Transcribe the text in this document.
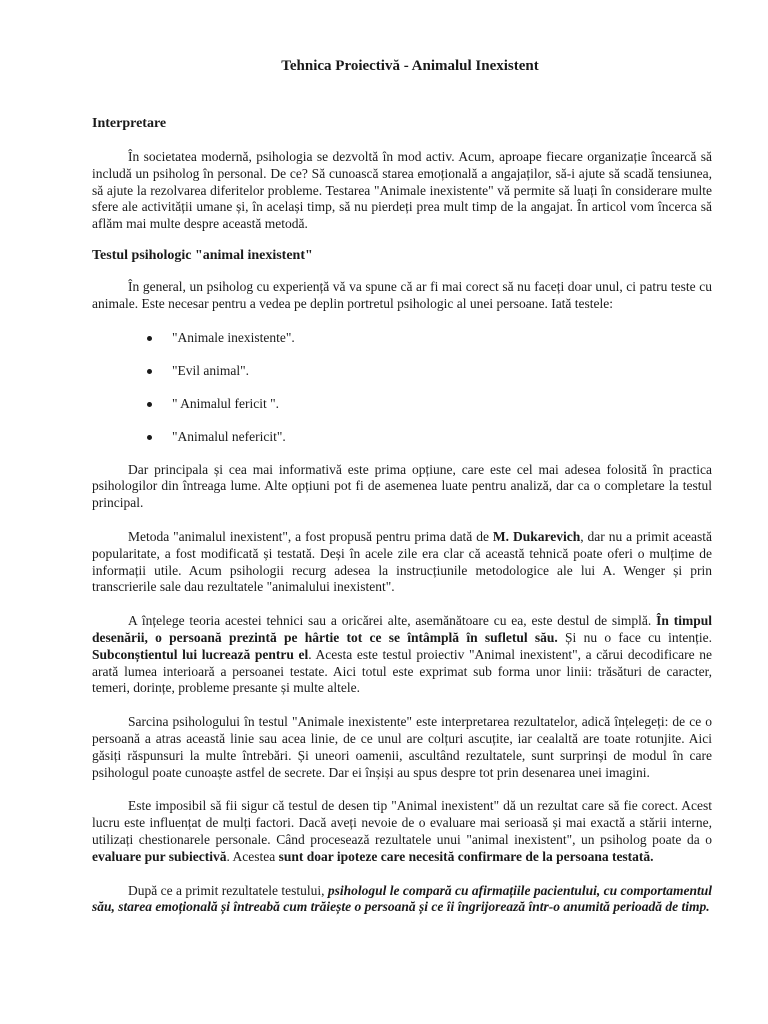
Tehnica Proiectivă - Animalul Inexistent
Interpretare

În societatea modernă, psihologia se dezvoltă în mod activ. Acum, aproape fiecare organizație încearcă să includă un psiholog în personal. De ce? Să cunoască starea emoțională a angajaților, să-i ajute să scadă tensiunea, să ajute la rezolvarea diferitelor probleme. Testarea "Animale inexistente" vă permite să luați în considerare multe sfere ale activității umane și, în același timp, să nu pierdeți prea mult timp de la angajat. În articol vom încerca să aflăm mai multe despre această metodă.

Testul psihologic "animal inexistent"

În general, un psiholog cu experiență vă va spune că ar fi mai corect să nu faceți doar unul, ci patru teste cu animale. Este necesar pentru a vedea pe deplin portretul psihologic al unei persoane. Iată testele:

"Animale inexistente".
"Evil animal".
" Animalul fericit ".
"Animalul nefericit".

Dar principala și cea mai informativă este prima opțiune, care este cel mai adesea folosită în practica psihologilor din întreaga lume. Alte opțiuni pot fi de asemenea luate pentru analiză, dar ca o completare la testul principal.

Metoda "animalul inexistent", a fost propusă pentru prima dată de M. Dukarevich, dar nu a primit această popularitate, a fost modificată și testată. Deși în acele zile era clar că această tehnică poate oferi o mulțime de informații utile. Acum psihologii recurg adesea la instrucțiunile metodologice ale lui A. Wenger și prin transcrierile sale dau rezultatele "animalului inexistent".

A înțelege teoria acestei tehnici sau a oricărei alte, asemănătoare cu ea, este destul de simplă. În timpul desenării, o persoană prezintă pe hârtie tot ce se întâmplă în sufletul său. Și nu o face cu intenție. Subconștientul lui lucrează pentru el. Acesta este testul proiectiv "Animal inexistent", a cărui decodificare ne arată lumea interioară a persoanei testate. Aici totul este exprimat sub forma unor linii: trăsături de caracter, temeri, dorințe, probleme presante și multe altele.

Sarcina psihologului în testul "Animale inexistente" este interpretarea rezultatelor, adică înțelegeți: de ce o persoană a atras această linie sau acea linie, de ce unul are colțuri ascuțite, iar cealaltă are toate rotunjite. Aici găsiți răspunsuri la multe întrebări. Și uneori oamenii, ascultând rezultatele, sunt surprinși de modul în care psihologul poate cunoaște astfel de secrete. Dar ei înșiși au spus despre tot prin desenarea unei imagini.

Este imposibil să fii sigur că testul de desen tip "Animal inexistent" dă un rezultat care să fie corect. Acest lucru este influențat de mulți factori. Dacă aveți nevoie de o evaluare mai serioasă și mai exactă a stării interne, utilizați chestionarele personale. Când procesează rezultatele unui "animal inexistent", un psiholog poate da o evaluare pur subiectivă. Acestea sunt doar ipoteze care necesită confirmare de la persoana testată.

După ce a primit rezultatele testului, psihologul le compară cu afirmațiile pacientului, cu comportamentul său, starea emoțională și întreabă cum trăiește o persoană și ce îi îngrijorează într-o anumită perioadă de timp.
